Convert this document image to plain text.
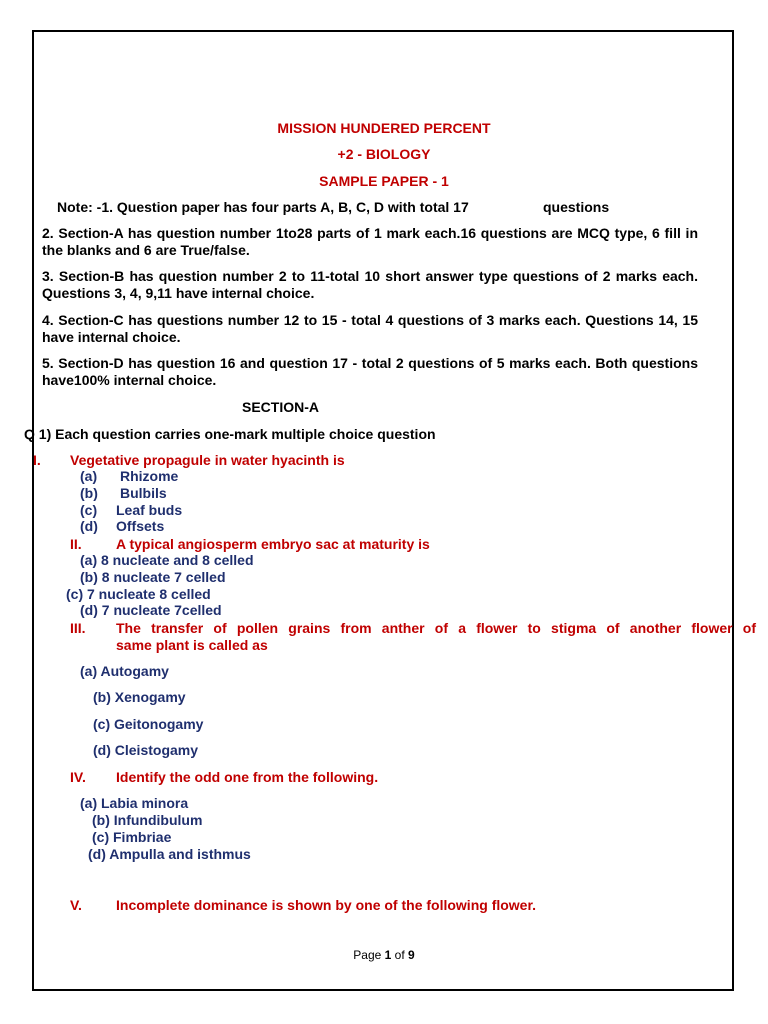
MISSION HUNDERED PERCENT
+2 - BIOLOGY
SAMPLE PAPER - 1
Note: -1. Question paper has four parts A, B, C, D with total 17	questions
2. Section-A has question number 1to28 parts of 1 mark each.16 questions are MCQ type, 6 fill in the blanks and 6 are True/false.
3. Section-B has question number 2 to 11-total 10 short answer type questions of 2 marks each. Questions 3, 4, 9,11 have internal choice.
4. Section-C has questions number 12 to 15 - total 4 questions of 3 marks each. Questions 14, 15 have internal choice.
5. Section-D has question 16 and question 17 - total 2 questions of 5 marks each. Both questions have100% internal choice.
SECTION-A
Q 1) Each question carries one-mark multiple choice question
I. Vegetative propagule in water hyacinth is
(a) Rhizome
(b) Bulbils
(c) Leaf buds
(d) Offsets
II. A typical angiosperm embryo sac at maturity is
(a) 8 nucleate and 8 celled
(b) 8 nucleate 7 celled
(c) 7 nucleate 8 celled
(d) 7 nucleate 7celled
III. The transfer of pollen grains from anther of a flower to stigma of another flower of
same plant is called as
(a) Autogamy
(b) Xenogamy
(c) Geitonogamy
(d) Cleistogamy
IV. Identify the odd one from the following.
(a) Labia minora
(b) Infundibulum
(c) Fimbriae
(d) Ampulla and isthmus
V. Incomplete dominance is shown by one of the following flower.
Page 1 of 9
